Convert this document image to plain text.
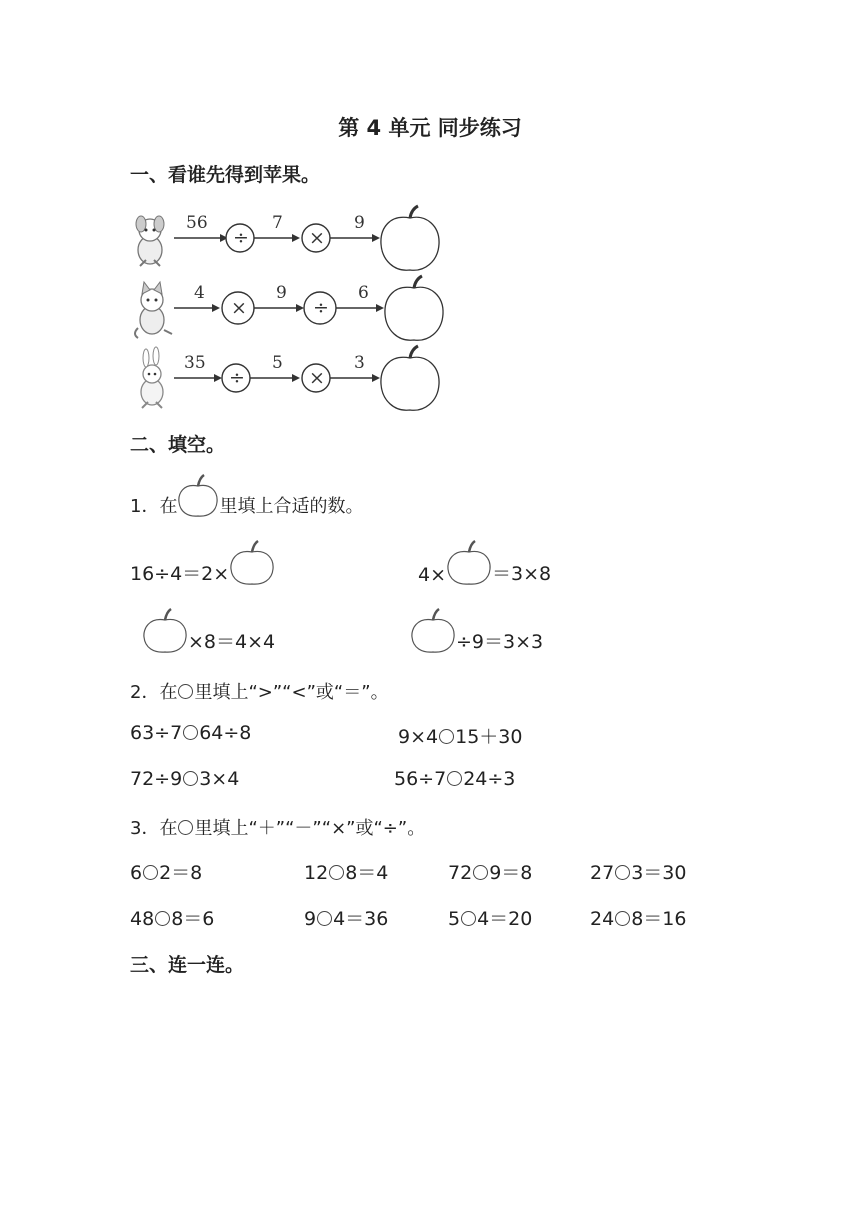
第 4 单元 同步练习
一、看谁先得到苹果。
56
÷
7
×
9
4
×
9
÷
6
35
÷
5
×
3
二、填空。
1．在 里填上合适的数。
16÷4＝2×	4× ＝3×8
×8＝4×4	÷9＝3×3
2．在 里填上“>”“<”或“＝”。
63÷7 64÷8	9×4 15＋30
72÷9 3×4	56÷7 24÷3
3．在 里填上“＋”“－”“×”或“÷”。
6 2＝8	12 8＝4	72 9＝8	27 3＝30
48 8＝6	9 4＝36	5 4＝20	24 8＝16
三、连一连。
